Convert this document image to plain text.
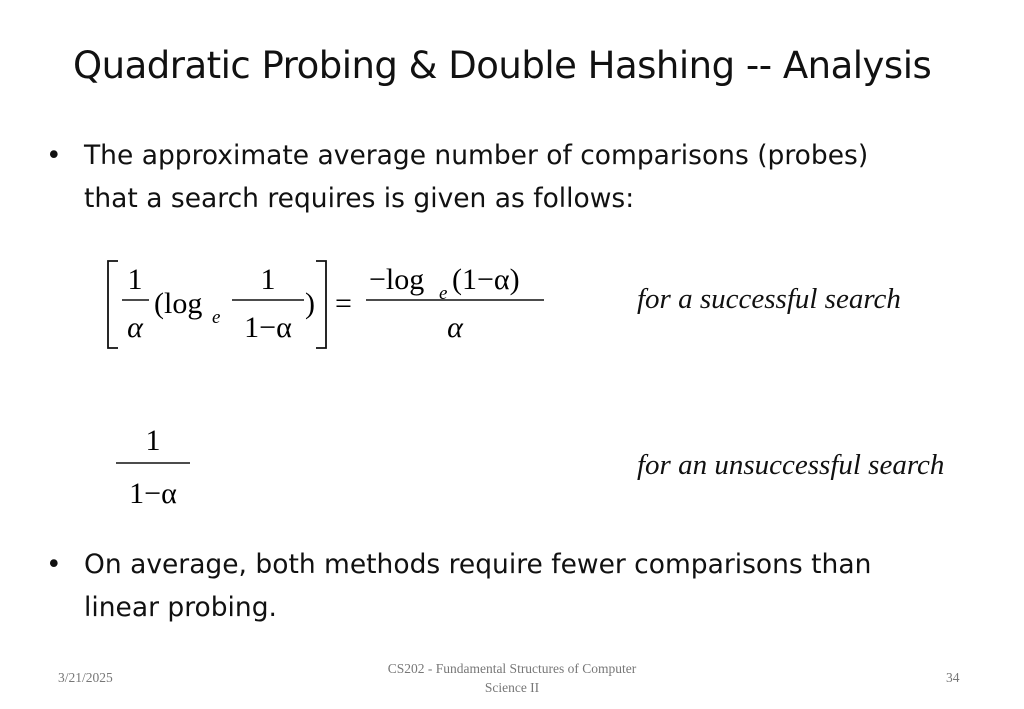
Quadratic Probing & Double Hashing -- Analysis
• The approximate average number of comparisons (probes)
that a search requires is given as follows:
1
α
(log e
1
1−α
) =
−log e (1−α)
α
for a successful search
1
1−α
for an unsuccessful search
• On average, both methods require fewer comparisons than
linear probing.
3/21/2025
CS202 - Fundamental Structures of Computer
Science II
34
